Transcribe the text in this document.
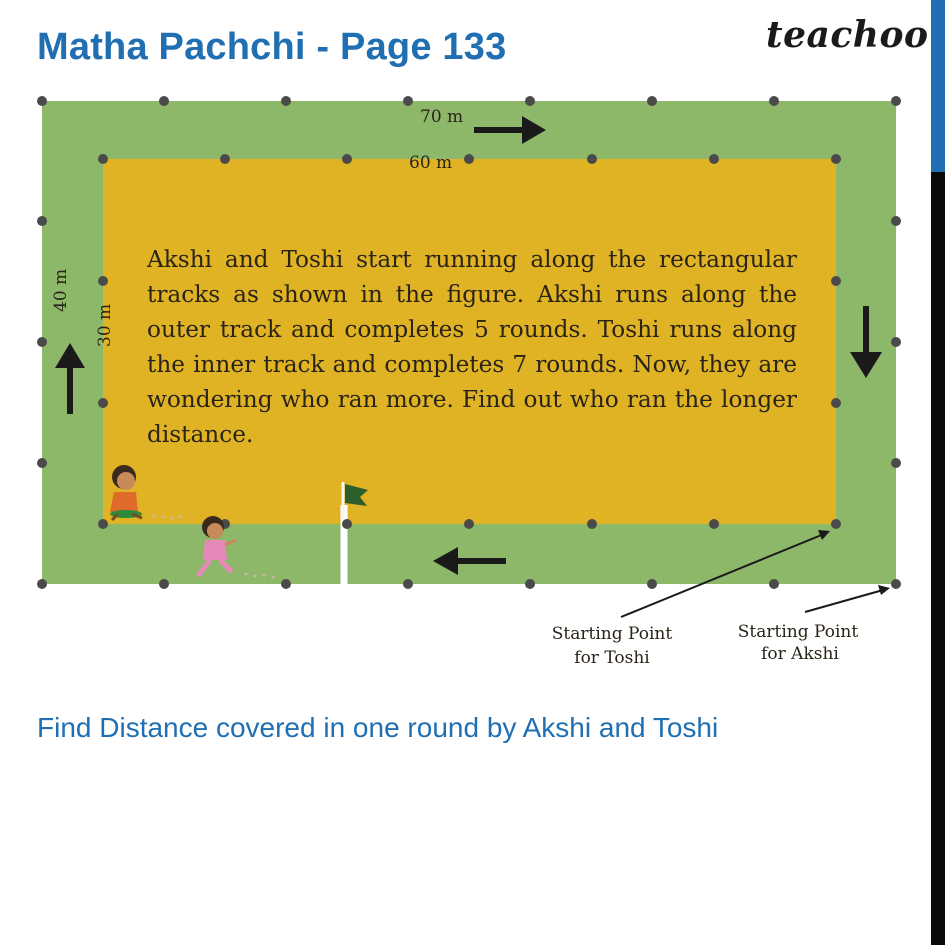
Matha Pachchi - Page 133	teachoo
70 m
60 m
40 m
30 m
Starting Point
for Toshi
Starting Point
for Akshi
Akshi and Toshi start running along the rectangular tracks as shown in the figure. Akshi runs along the outer track and completes 5 rounds. Toshi runs along the inner track and completes 7 rounds. Now, they are wondering who ran more. Find out who ran the longer distance.
Find Distance covered in one round by Akshi and Toshi
